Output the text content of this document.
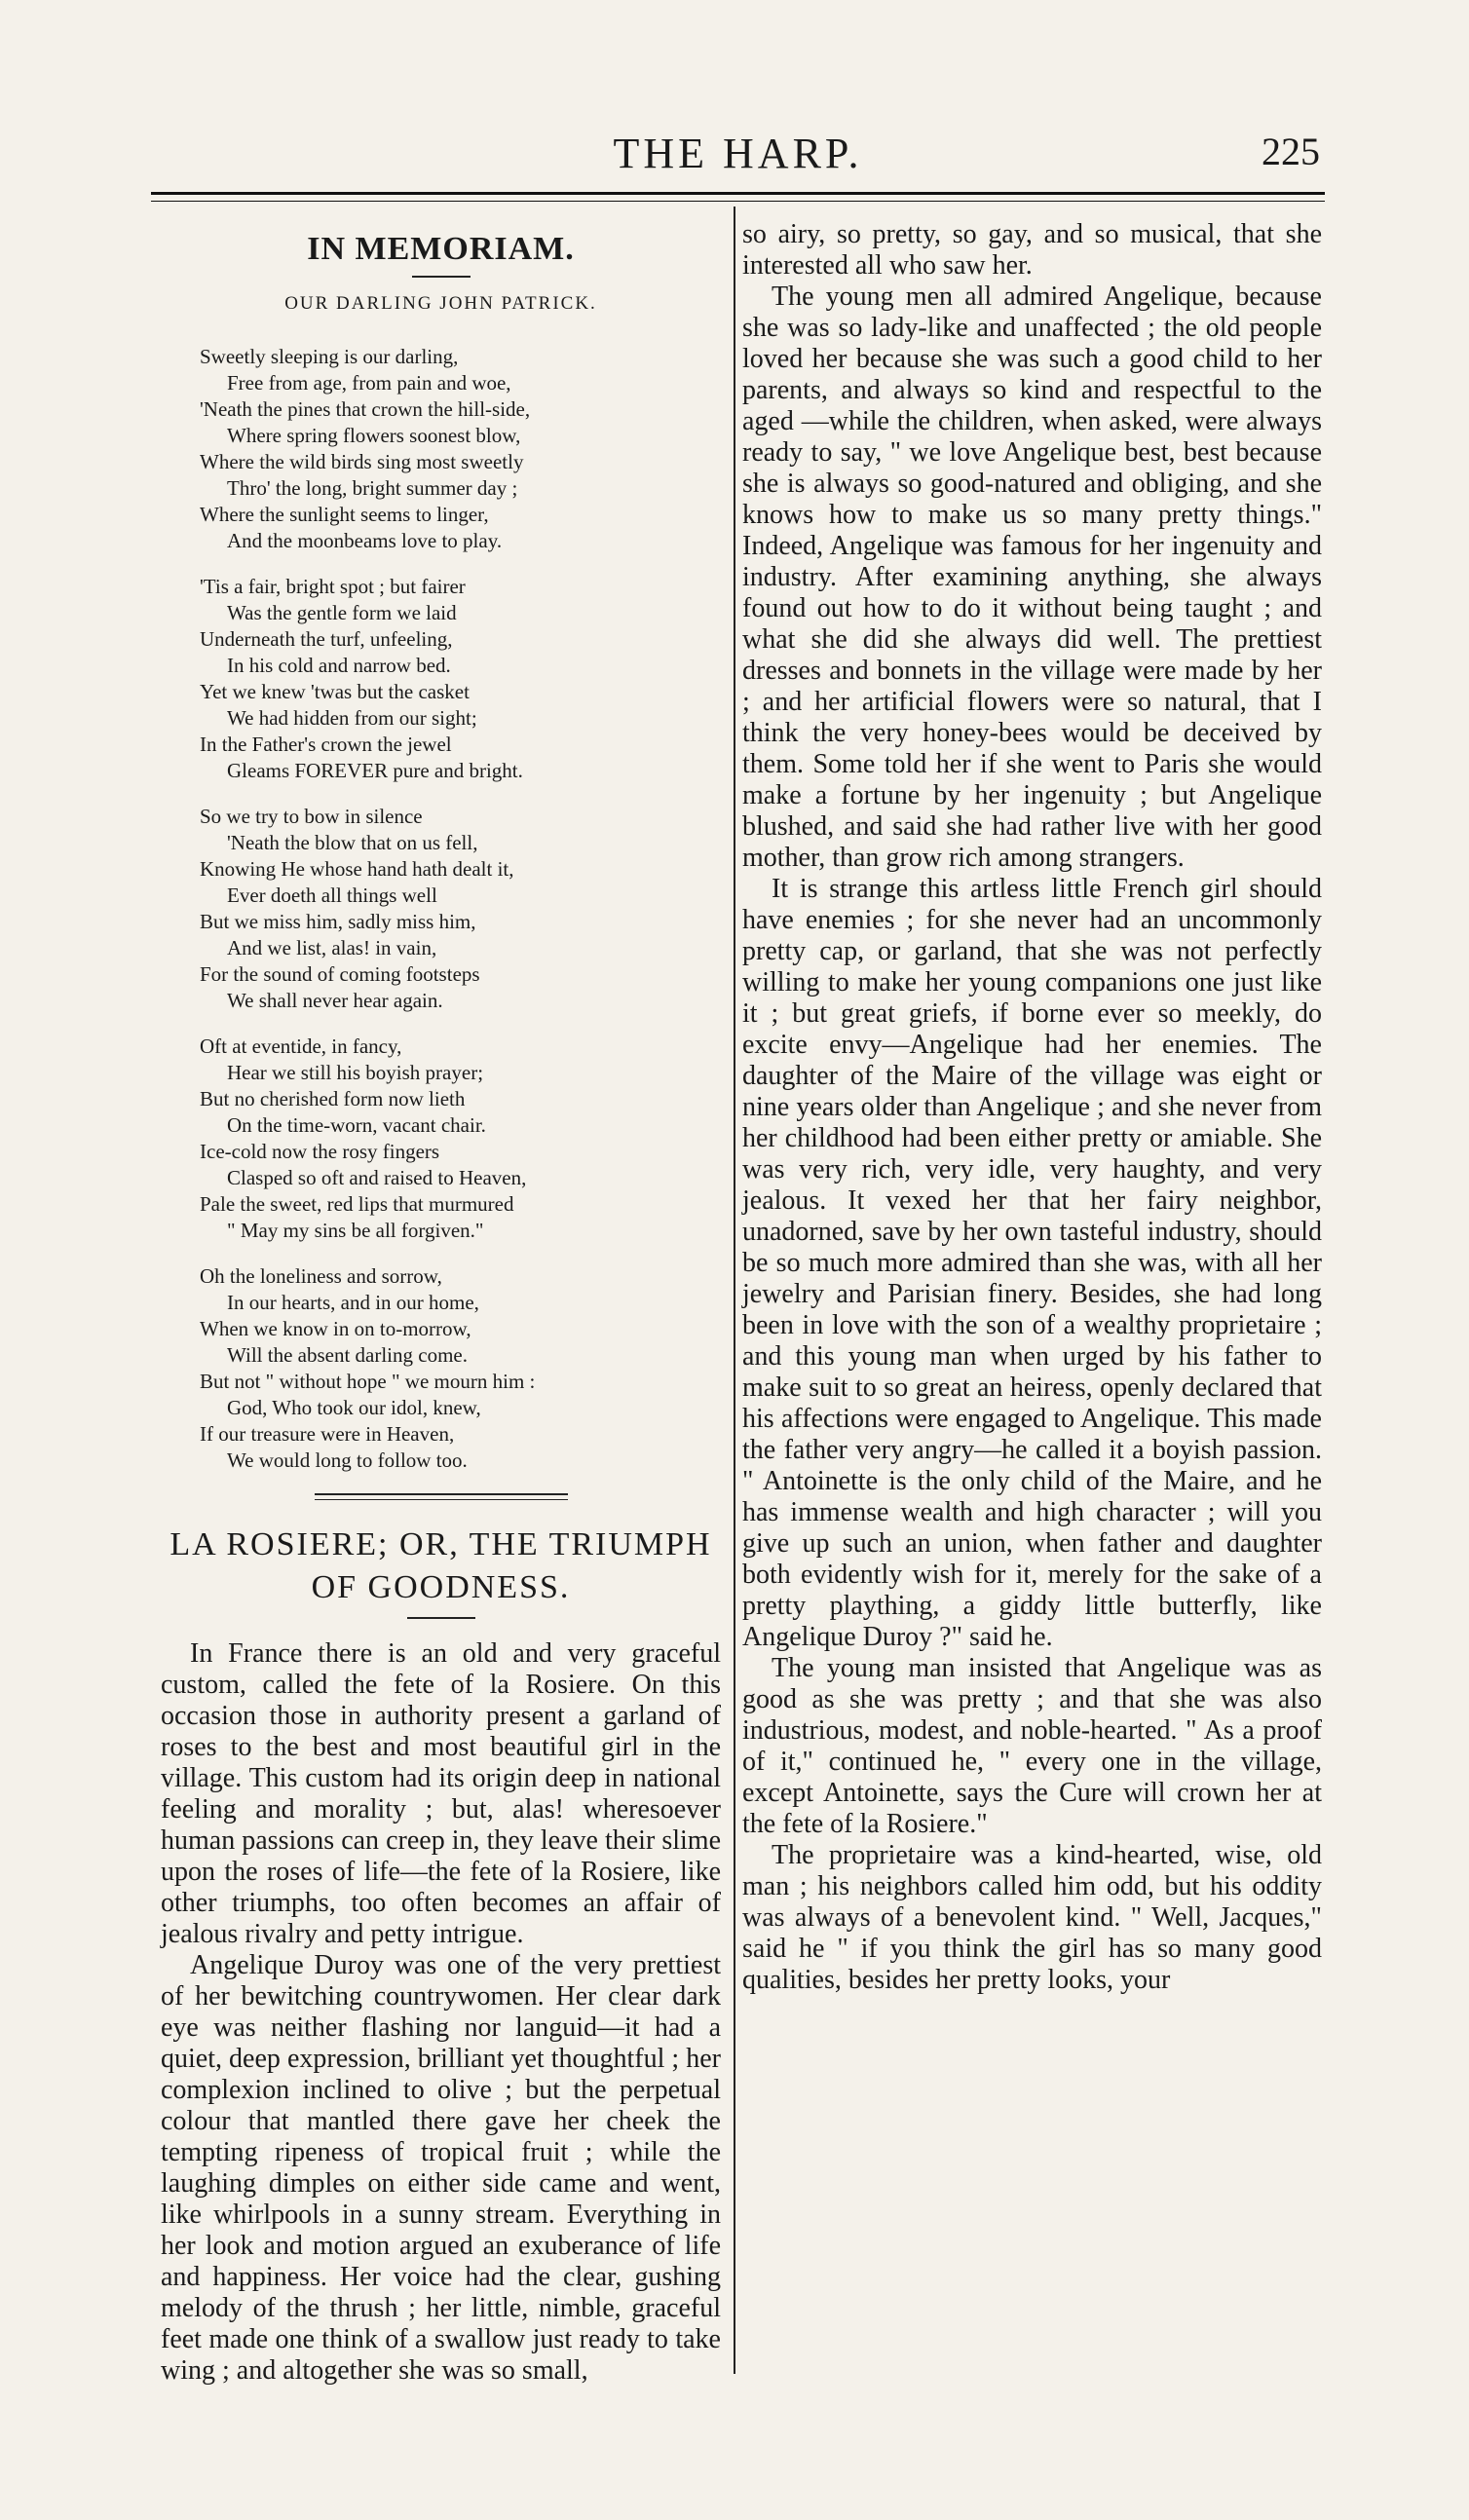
THE HARP.	225
IN MEMORIAM.
OUR DARLING JOHN PATRICK.
Sweetly sleeping is our darling,
Free from age, from pain and woe,
'Neath the pines that crown the hill-side,
Where spring flowers soonest blow,
Where the wild birds sing most sweetly
Thro' the long, bright summer day ;
Where the sunlight seems to linger,
And the moonbeams love to play.
'Tis a fair, bright spot ; but fairer
Was the gentle form we laid
Underneath the turf, unfeeling,
In his cold and narrow bed.
Yet we knew 'twas but the casket
We had hidden from our sight;
In the Father's crown the jewel
Gleams FOREVER pure and bright.
So we try to bow in silence
'Neath the blow that on us fell,
Knowing He whose hand hath dealt it,
Ever doeth all things well
But we miss him, sadly miss him,
And we list, alas! in vain,
For the sound of coming footsteps
We shall never hear again.
Oft at eventide, in fancy,
Hear we still his boyish prayer;
But no cherished form now lieth
On the time-worn, vacant chair.
Ice-cold now the rosy fingers
Clasped so oft and raised to Heaven,
Pale the sweet, red lips that murmured
" May my sins be all forgiven."
Oh the loneliness and sorrow,
In our hearts, and in our home,
When we know in on to-morrow,
Will the absent darling come.
But not " without hope " we mourn him :
God, Who took our idol, knew,
If our treasure were in Heaven,
We would long to follow too.
LA ROSIERE; OR, THE TRIUMPH
OF GOODNESS.

In France there is an old and very graceful custom, called the fete of la Rosiere. On this occasion those in authority present a garland of roses to the best and most beautiful girl in the village. This custom had its origin deep in national feeling and morality ; but, alas! wheresoever human passions can creep in, they leave their slime upon the roses of life—the fete of la Rosiere, like other triumphs, too often becomes an affair of jealous rivalry and petty intrigue.

Angelique Duroy was one of the very prettiest of her bewitching countrywomen. Her clear dark eye was neither flashing nor languid—it had a quiet, deep expression, brilliant yet thoughtful ; her complexion inclined to olive ; but the perpetual colour that mantled there gave her cheek the tempting ripeness of tropical fruit ; while the laughing dimples on either side came and went, like whirlpools in a sunny stream. Everything in her look and motion argued an exuberance of life and happiness. Her voice had the clear, gushing melody of the thrush ; her little, nimble, graceful feet made one think of a swallow just ready to take wing ; and altogether she was so small,

so airy, so pretty, so gay, and so musical, that she interested all who saw her.

The young men all admired Angelique, because she was so lady-like and unaffected ; the old people loved her because she was such a good child to her parents, and always so kind and respectful to the aged —while the children, when asked, were always ready to say, " we love Angelique best, best because she is always so good-natured and obliging, and she knows how to make us so many pretty things." Indeed, Angelique was famous for her ingenuity and industry. After examining anything, she always found out how to do it without being taught ; and what she did she always did well. The prettiest dresses and bonnets in the village were made by her ; and her artificial flowers were so natural, that I think the very honey-bees would be deceived by them. Some told her if she went to Paris she would make a fortune by her ingenuity ; but Angelique blushed, and said she had rather live with her good mother, than grow rich among strangers.

It is strange this artless little French girl should have enemies ; for she never had an uncommonly pretty cap, or garland, that she was not perfectly willing to make her young companions one just like it ; but great griefs, if borne ever so meekly, do excite envy—Angelique had her enemies. The daughter of the Maire of the village was eight or nine years older than Angelique ; and she never from her childhood had been either pretty or amiable. She was very rich, very idle, very haughty, and very jealous. It vexed her that her fairy neighbor, unadorned, save by her own tasteful industry, should be so much more admired than she was, with all her jewelry and Parisian finery. Besides, she had long been in love with the son of a wealthy proprietaire ; and this young man when urged by his father to make suit to so great an heiress, openly declared that his affections were engaged to Angelique. This made the father very angry—he called it a boyish passion. " Antoinette is the only child of the Maire, and he has immense wealth and high character ; will you give up such an union, when father and daughter both evidently wish for it, merely for the sake of a pretty plaything, a giddy little butterfly, like Angelique Duroy ?" said he.

The young man insisted that Angelique was as good as she was pretty ; and that she was also industrious, modest, and noble-hearted. " As a proof of it," continued he, " every one in the village, except Antoinette, says the Cure will crown her at the fete of la Rosiere."

The proprietaire was a kind-hearted, wise, old man ; his neighbors called him odd, but his oddity was always of a benevolent kind. " Well, Jacques," said he " if you think the girl has so many good qualities, besides her pretty looks, your
